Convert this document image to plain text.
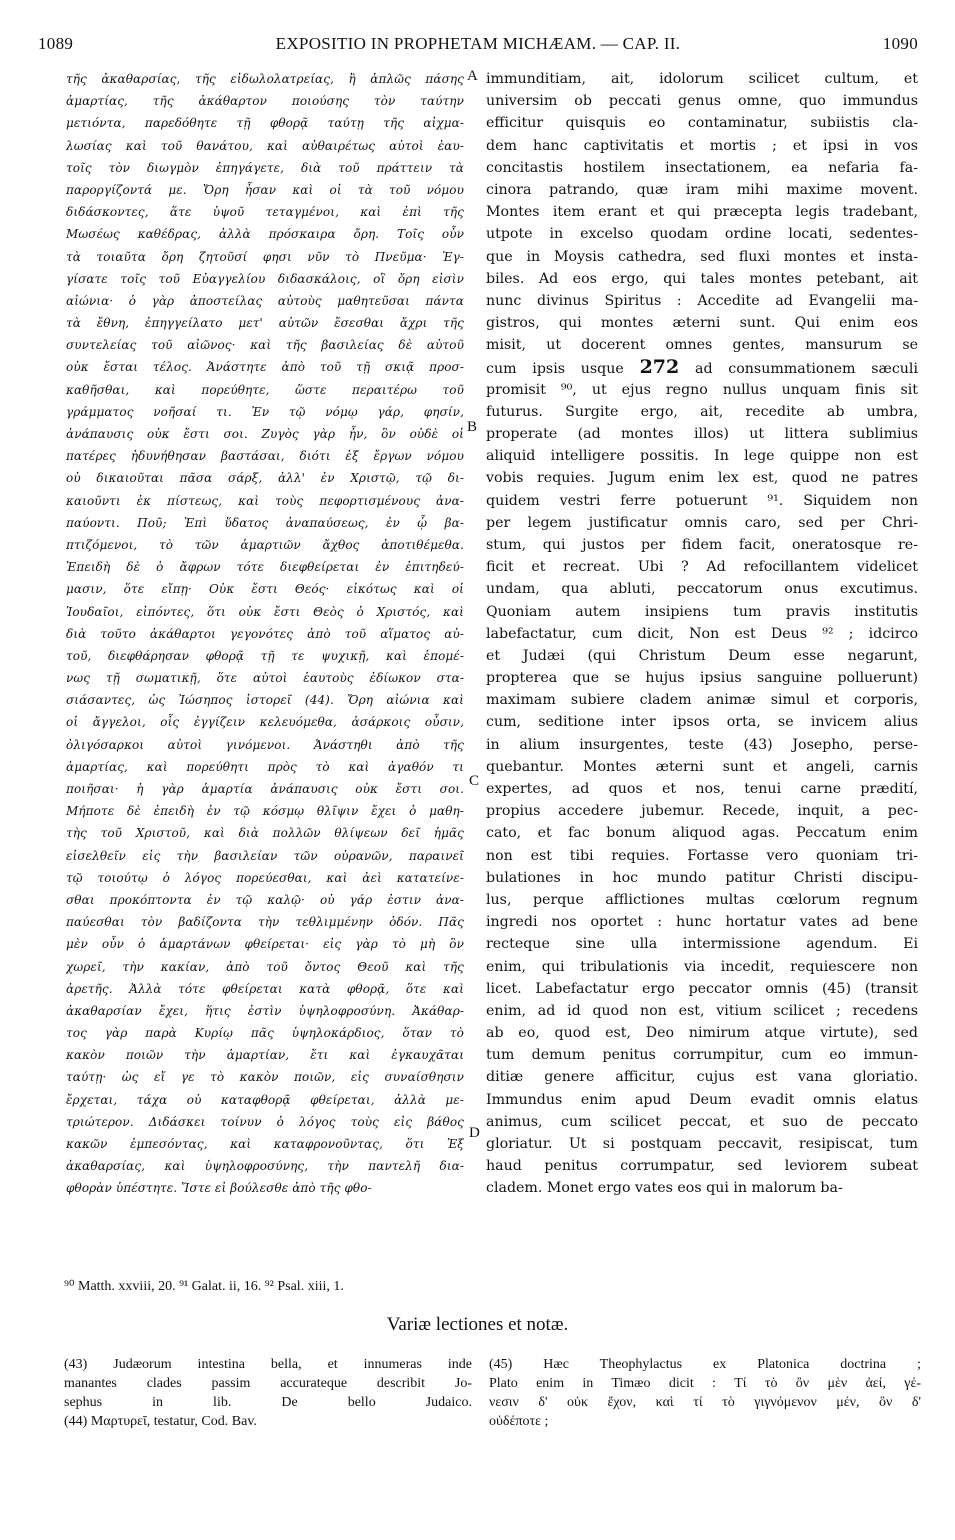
1089	EXPOSITIO IN PROPHETAM MICHÆAM. — CAP. II.	1090
τῆς ἀκαθαρσίας, τῆς εἰδωλολατρείας, ἢ ἁπλῶς πάσης
ἁμαρτίας, τῆς ἀκάθαρτον ποιούσης τὸν ταύτην
μετιόντα, παρεδόθητε τῇ φθορᾷ ταύτῃ τῆς αἰχμα-
λωσίας καὶ τοῦ θανάτου, καὶ αὐθαιρέτως αὐτοὶ ἑαυ-
τοῖς τὸν διωγμὸν ἐπηγάγετε, διὰ τοῦ πράττειν τὰ
παροργίζοντά με. Ὄρη ἦσαν καὶ οἱ τὰ τοῦ νόμου
διδάσκοντες, ἅτε ὑψοῦ τεταγμένοι, καὶ ἐπὶ τῆς
Μωσέως καθέδρας, ἀλλὰ πρόσκαιρα ὄρη. Τοῖς οὖν
τὰ τοιαῦτα ὄρη ζητοῦσί φησι νῦν τὸ Πνεῦμα· Ἐγ-
γίσατε τοῖς τοῦ Εὐαγγελίου διδασκάλοις, οἳ ὄρη εἰσὶν
αἰώνια· ὁ γὰρ ἀποστείλας αὐτοὺς μαθητεῦσαι πάντα
τὰ ἔθνη, ἐπηγγείλατο μετ' αὐτῶν ἔσεσθαι ἄχρι τῆς
συντελείας τοῦ αἰῶνος· καὶ τῆς βασιλείας δὲ αὐτοῦ
οὐκ ἔσται τέλος. Ἀνάστητε ἀπὸ τοῦ τῇ σκιᾷ προσ-
καθῆσθαι, καὶ πορεύθητε, ὥστε περαιτέρω τοῦ
γράμματος νοῆσαί τι. Ἐν τῷ νόμῳ γάρ, φησίν,
ἀνάπαυσις οὐκ ἔστι σοι. Ζυγὸς γὰρ ἦν, ὃν οὐδὲ οἱ
πατέρες ἠδυνήθησαν βαστάσαι, διότι ἐξ ἔργων νόμου
οὐ δικαιοῦται πᾶσα σάρξ, ἀλλ' ἐν Χριστῷ, τῷ δι-
καιοῦντι ἐκ πίστεως, καὶ τοὺς πεφορτισμένους ἀνα-
παύοντι. Ποῦ; Ἐπὶ ὕδατος ἀναπαύσεως, ἐν ᾧ βα-
πτιζόμενοι, τὸ τῶν ἁμαρτιῶν ἄχθος ἀποτιθέμεθα.
Ἐπειδὴ δὲ ὁ ἄφρων τότε διεφθείρεται ἐν ἐπιτηδεύ-
μασιν, ὅτε εἴπῃ· Οὐκ ἔστι Θεός· εἰκότως καὶ οἱ
Ἰουδαῖοι, εἰπόντες, ὅτι οὐκ ἔστι Θεὸς ὁ Χριστός, καὶ
διὰ τοῦτο ἀκάθαρτοι γεγονότες ἀπὸ τοῦ αἵματος αὐ-
τοῦ, διεφθάρησαν φθορᾷ τῇ τε ψυχικῇ, καὶ ἑπομέ-
νως τῇ σωματικῇ, ὅτε αὐτοὶ ἑαυτοὺς ἐδίωκον στα-
σιάσαντες, ὡς Ἰώσηπος ἱστορεῖ (44). Ὄρη αἰώνια καὶ
οἱ ἄγγελοι, οἷς ἐγγίζειν κελευόμεθα, ἀσάρκοις οὖσιν,
ὀλιγόσαρκοι αὐτοὶ γινόμενοι. Ἀνάστηθι ἀπὸ τῆς
ἁμαρτίας, καὶ πορεύθητι πρὸς τὸ καὶ ἀγαθόν τι
ποιῆσαι· ἡ γὰρ ἁμαρτία ἀνάπαυσις οὐκ ἔστι σοι.
Μήποτε δὲ ἐπειδὴ ἐν τῷ κόσμῳ θλῖψιν ἔχει ὁ μαθη-
τὴς τοῦ Χριστοῦ, καὶ διὰ πολλῶν θλίψεων δεῖ ἡμᾶς
εἰσελθεῖν εἰς τὴν βασιλείαν τῶν οὐρανῶν, παραινεῖ
τῷ τοιούτῳ ὁ λόγος πορεύεσθαι, καὶ ἀεὶ κατατείνε-
σθαι προκόπτοντα ἐν τῷ καλῷ· οὐ γάρ ἐστιν ἀνα-
παύεσθαι τὸν βαδίζοντα τὴν τεθλιμμένην ὁδόν. Πᾶς
μὲν οὖν ὁ ἁμαρτάνων φθείρεται· εἰς γὰρ τὸ μὴ ὂν
χωρεῖ, τὴν κακίαν, ἀπὸ τοῦ ὄντος Θεοῦ καὶ τῆς
ἀρετῆς. Ἀλλὰ τότε φθείρεται κατὰ φθορᾷ, ὅτε καὶ
ἀκαθαρσίαν ἔχει, ἥτις ἐστὶν ὑψηλοφροσύνη. Ἀκάθαρ-
τος γὰρ παρὰ Κυρίῳ πᾶς ὑψηλοκάρδιος, ὅταν τὸ
κακὸν ποιῶν τὴν ἁμαρτίαν, ἔτι καὶ ἐγκαυχᾶται
ταύτῃ· ὡς εἴ γε τὸ κακὸν ποιῶν, εἰς συναίσθησιν
ἔρχεται, τάχα οὐ καταφθορᾷ φθείρεται, ἀλλὰ με-
τριώτερον. Διδάσκει τοίνυν ὁ λόγος τοὺς εἰς βάθος
κακῶν ἐμπεσόντας, καὶ καταφρονοῦντας, ὅτι Ἐξ
ἀκαθαρσίας, καὶ ὑψηλοφροσύνης, τὴν παντελῆ δια-
φθορὰν ὑπέστητε. Ἴστε εἰ βούλεσθε ἀπὸ τῆς φθο-
immunditiam, ait, idolorum scilicet cultum, et
universim ob peccati genus omne, quo immundus
efficitur quisquis eo contaminatur, subiistis cla-
dem hanc captivitatis et mortis ; et ipsi in vos
concitastis hostilem insectationem, ea nefaria fa-
cinora patrando, quæ iram mihi maxime movent.
Montes item erant et qui præcepta legis tradebant,
utpote in excelso quodam ordine locati, sedentes-
que in Moysis cathedra, sed fluxi montes et insta-
biles. Ad eos ergo, qui tales montes petebant, ait
nunc divinus Spiritus : Accedite ad Evangelii ma-
gistros, qui montes æterni sunt. Qui enim eos
misit, ut docerent omnes gentes, mansurum se
cum ipsis usque 272 ad consummationem sæculi
promisit ⁹⁰, ut ejus regno nullus unquam finis sit
futurus. Surgite ergo, ait, recedite ab umbra,
properate (ad montes illos) ut littera sublimius
aliquid intelligere possitis. In lege quippe non est
vobis requies. Jugum enim lex est, quod ne patres
quidem vestri ferre potuerunt ⁹¹. Siquidem non
per legem justificatur omnis caro, sed per Chri-
stum, qui justos per fidem facit, oneratosque re-
ficit et recreat. Ubi ? Ad refocillantem videlicet
undam, qua abluti, peccatorum onus excutimus.
Quoniam autem insipiens tum pravis institutis
labefactatur, cum dicit, Non est Deus ⁹² ; idcirco
et Judæi (qui Christum Deum esse negarunt,
propterea que se hujus ipsius sanguine polluerunt)
maximam subiere cladem animæ simul et corporis,
cum, seditione inter ipsos orta, se invicem alius
in alium insurgentes, teste (43) Josepho, perse-
quebantur. Montes æterni sunt et angeli, carnis
expertes, ad quos et nos, tenui carne prædití,
propius accedere jubemur. Recede, inquit, a pec-
cato, et fac bonum aliquod agas. Peccatum enim
non est tibi requies. Fortasse vero quoniam tri-
bulationes in hoc mundo patitur Christi discipu-
lus, perque afflictiones multas cœlorum regnum
ingredi nos oportet : hunc hortatur vates ad bene
recteque sine ulla intermissione agendum. Ei
enim, qui tribulationis via incedit, requiescere non
licet. Labefactatur ergo peccator omnis (45) (transit
enim, ad id quod non est, vitium scilicet ; recedens
ab eo, quod est, Deo nimirum atque virtute), sed
tum demum penitus corrumpitur, cum eo immun-
ditiæ genere afficitur, cujus est vana gloriatio.
Immundus enim apud Deum evadit omnis elatus
animus, cum scilicet peccat, et suo de peccato
gloriatur. Ut si postquam peccavit, resipiscat, tum
haud penitus corrumpatur, sed leviorem subeat
cladem. Monet ergo vates eos qui in malorum ba-
A
B
C
D
⁹⁰ Matth. xxviii, 20. ⁹¹ Galat. ii, 16. ⁹² Psal. xiii, 1.
Variæ lectiones et notæ.
(43) Judæorum intestina bella, et innumeras inde
manantes clades passim accurateque describit Jo-
sephus in lib. De bello Judaico.
(44) Μαρτυρεῖ, testatur, Cod. Bav.
(45) Hæc Theophylactus ex Platonica doctrina ;
Plato enim in Timæo dicit : Τί τὸ ὂν μὲν ἀεί, γέ-
νεσιν δ' οὐκ ἔχον, καὶ τί τὸ γιγνόμενον μέν, ὂν δ'
οὐδέποτε ;
